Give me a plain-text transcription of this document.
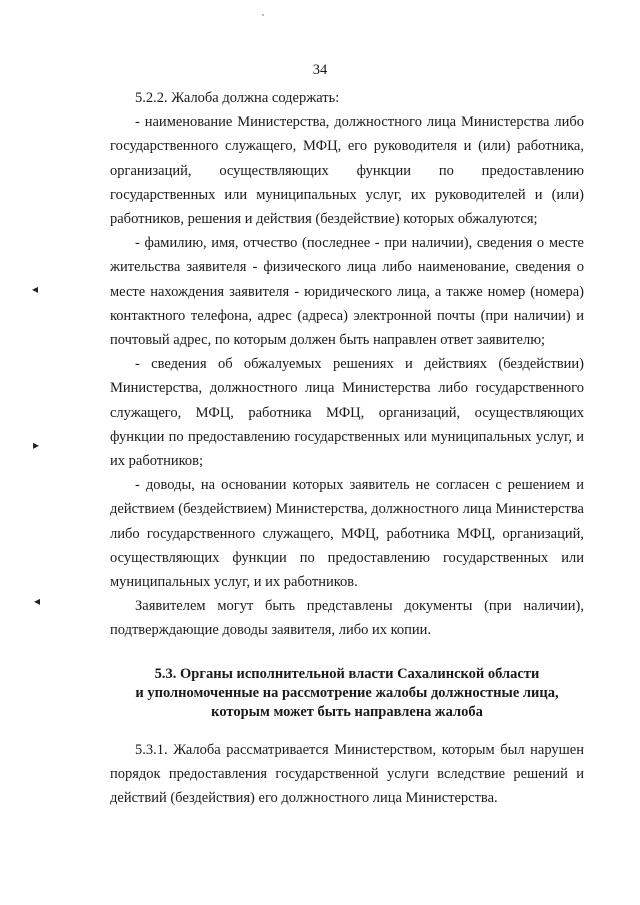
34
◂
▸
◂

5.2.2. Жалоба должна содержать:

- наименование Министерства, должностного лица Министерства либо государственного служащего, МФЦ, его руководителя и (или) работника, организаций, осуществляющих функции по предоставлению государственных или муниципальных услуг, их руководителей и (или) работников, решения и действия (бездействие) которых обжалуются;

- фамилию, имя, отчество (последнее - при наличии), сведения о месте жительства заявителя - физического лица либо наименование, сведения о месте нахождения заявителя - юридического лица, а также номер (номера) контактного телефона, адрес (адреса) электронной почты (при наличии) и почтовый адрес, по которым должен быть направлен ответ заявителю;

- сведения об обжалуемых решениях и действиях (бездействии) Министерства, должностного лица Министерства либо государственного служащего, МФЦ, работника МФЦ, организаций, осуществляющих функции по предоставлению государственных или муниципальных услуг, и их работников;

- доводы, на основании которых заявитель не согласен с решением и действием (бездействием) Министерства, должностного лица Министерства либо государственного служащего, МФЦ, работника МФЦ, организаций, осуществляющих функции по предоставлению государственных или муниципальных услуг, и их работников.

Заявителем могут быть представлены документы (при наличии), подтверждающие доводы заявителя, либо их копии.

5.3. Органы исполнительной власти Сахалинской области
и уполномоченные на рассмотрение жалобы должностные лица,
которым может быть направлена жалоба

5.3.1. Жалоба рассматривается Министерством, которым был нарушен порядок предоставления государственной услуги вследствие решений и действий (бездействия) его должностного лица Министерства.
